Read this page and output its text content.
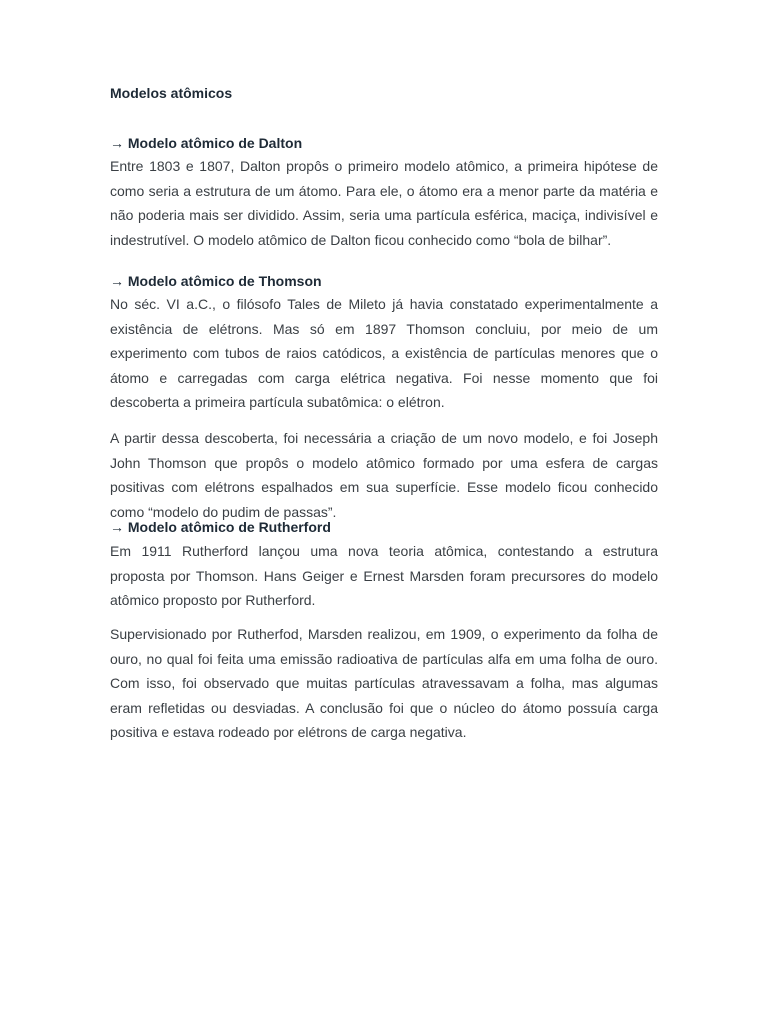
Modelos atômicos
→ Modelo atômico de Dalton

Entre 1803 e 1807, Dalton propôs o primeiro modelo atômico, a primeira hipótese de
como seria a estrutura de um átomo. Para ele, o átomo era a menor parte da matéria e
não poderia mais ser dividido. Assim, seria uma partícula esférica, maciça, indivisível e
indestrutível. O modelo atômico de Dalton ficou conhecido como “bola de bilhar”.

→ Modelo atômico de Thomson

No séc. VI a.C., o filósofo Tales de Mileto já havia constatado experimentalmente a
existência de elétrons. Mas só em 1897 Thomson concluiu, por meio de um
experimento com tubos de raios catódicos, a existência de partículas menores que o
átomo e carregadas com carga elétrica negativa. Foi nesse momento que foi
descoberta a primeira partícula subatômica: o elétron.

A partir dessa descoberta, foi necessária a criação de um novo modelo, e foi Joseph
John Thomson que propôs o modelo atômico formado por uma esfera de cargas
positivas com elétrons espalhados em sua superfície. Esse modelo ficou conhecido
como “modelo do pudim de passas”.

→ Modelo atômico de Rutherford

Em 1911 Rutherford lançou uma nova teoria atômica, contestando a estrutura
proposta por Thomson. Hans Geiger e Ernest Marsden foram precursores do modelo
atômico proposto por Rutherford.

Supervisionado por Rutherfod, Marsden realizou, em 1909, o experimento da folha de
ouro, no qual foi feita uma emissão radioativa de partículas alfa em uma folha de ouro.
Com isso, foi observado que muitas partículas atravessavam a folha, mas algumas
eram refletidas ou desviadas. A conclusão foi que o núcleo do átomo possuía carga
positiva e estava rodeado por elétrons de carga negativa.
